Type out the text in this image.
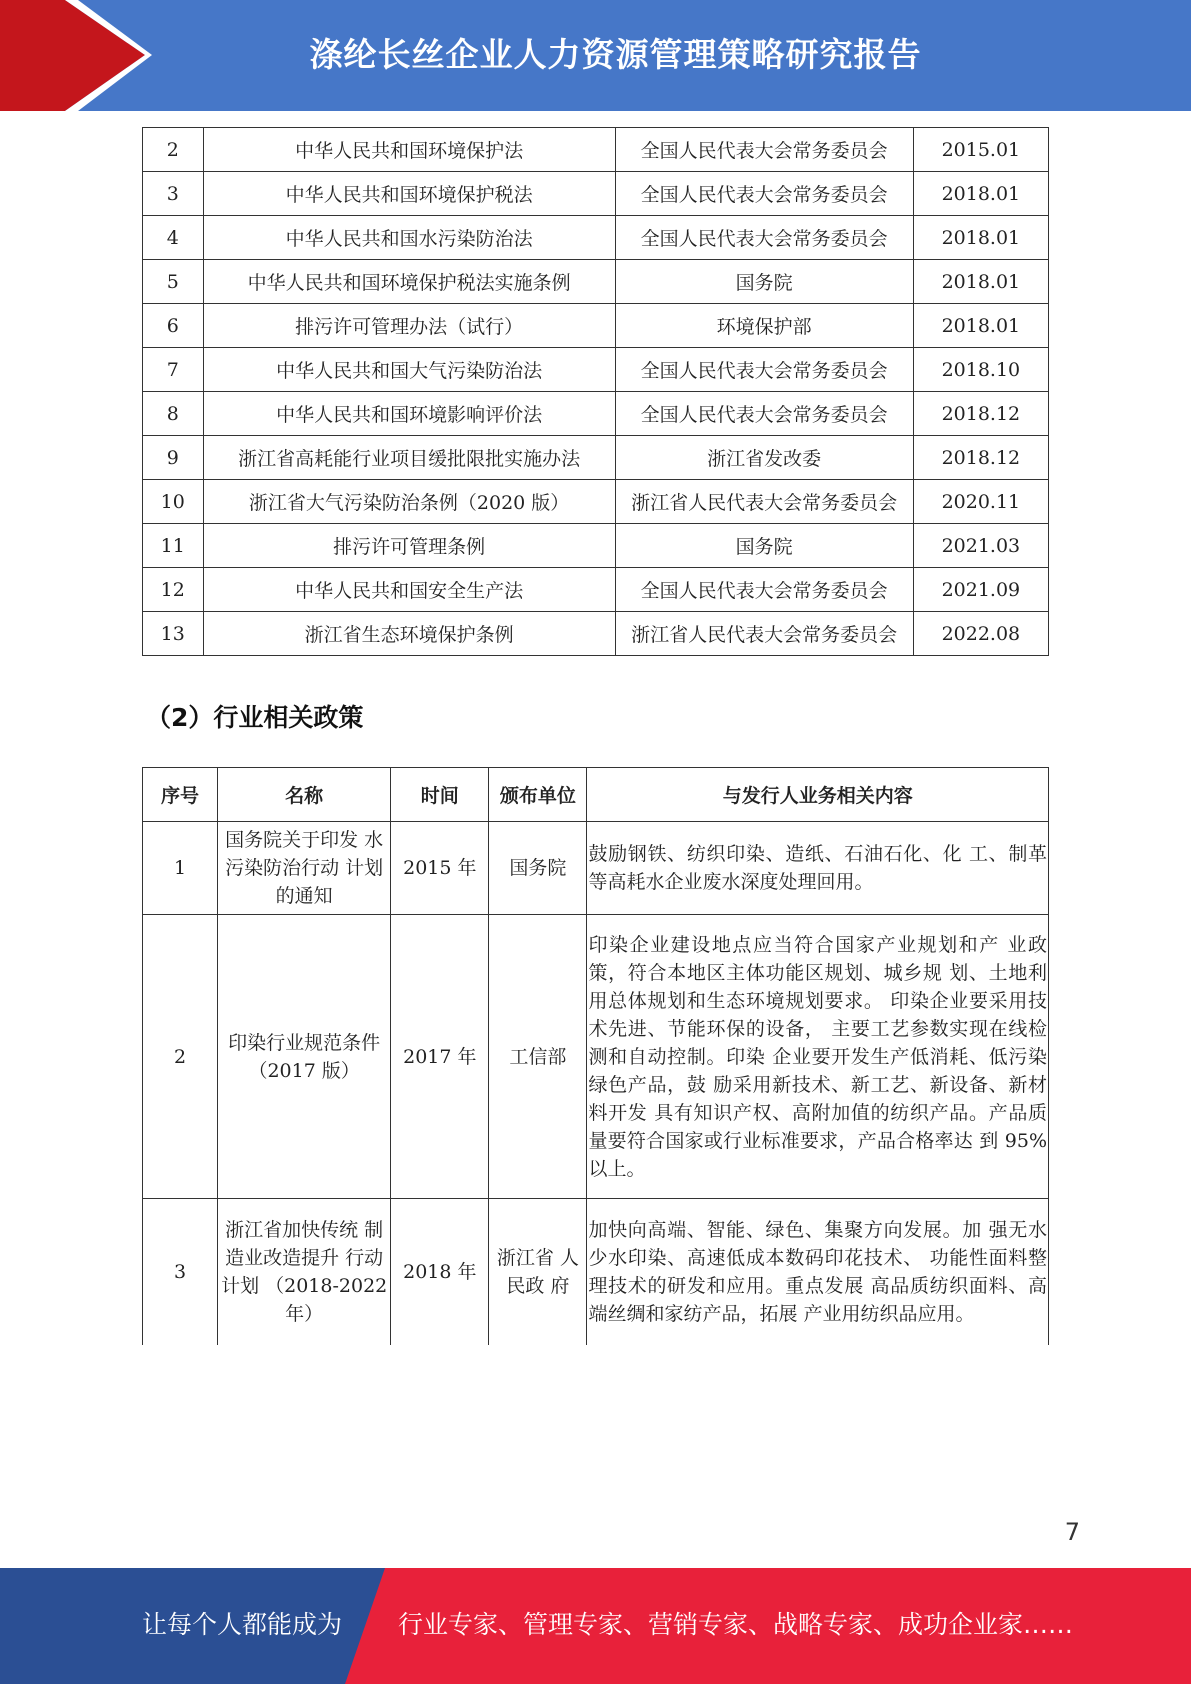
涤纶长丝企业人力资源管理策略研究报告
2	中华人民共和国环境保护法	全国人民代表大会常务委员会	2015.01
3	中华人民共和国环境保护税法	全国人民代表大会常务委员会	2018.01
4	中华人民共和国水污染防治法	全国人民代表大会常务委员会	2018.01
5	中华人民共和国环境保护税法实施条例	国务院	2018.01
6	排污许可管理办法（试行）	环境保护部	2018.01
7	中华人民共和国大气污染防治法	全国人民代表大会常务委员会	2018.10
8	中华人民共和国环境影响评价法	全国人民代表大会常务委员会	2018.12
9	浙江省高耗能行业项目缓批限批实施办法	浙江省发改委	2018.12
10	浙江省大气污染防治条例（2020 版）	浙江省人民代表大会常务委员会	2020.11
11	排污许可管理条例	国务院	2021.03
12	中华人民共和国安全生产法	全国人民代表大会常务委员会	2021.09
13	浙江省生态环境保护条例	浙江省人民代表大会常务委员会	2022.08
（2）行业相关政策
序号	名称	时间	颁布单位	与发行人业务相关内容
1	国务院关于印发 水污染防治行动 计划的通知	2015 年	国务院	鼓励钢铁、纺织印染、造纸、石油石化、化 工、制革等高耗水企业废水深度处理回用。
2	印染行业规范条件（2017 版）	2017 年	工信部	印染企业建设地点应当符合国家产业规划和产 业政策，符合本地区主体功能区规划、城乡规 划、土地利用总体规划和生态环境规划要求。 印染企业要采用技术先进、节能环保的设备， 主要工艺参数实现在线检测和自动控制。印染 企业要开发生产低消耗、低污染绿色产品，鼓 励采用新技术、新工艺、新设备、新材料开发 具有知识产权、高附加值的纺织产品。产品质 量要符合国家或行业标准要求，产品合格率达 到 95%以上。
3	浙江省加快传统 制造业改造提升 行动计划 （2018-2022 年）	2018 年	浙江省 人民政 府	加快向高端、智能、绿色、集聚方向发展。加 强无水少水印染、高速低成本数码印花技术、 功能性面料整理技术的研发和应用。重点发展 高品质纺织面料、高端丝绸和家纺产品，拓展 产业用纺织品应用。
7
让每个人都能成为 行业专家、管理专家、营销专家、战略专家、成功企业家……
